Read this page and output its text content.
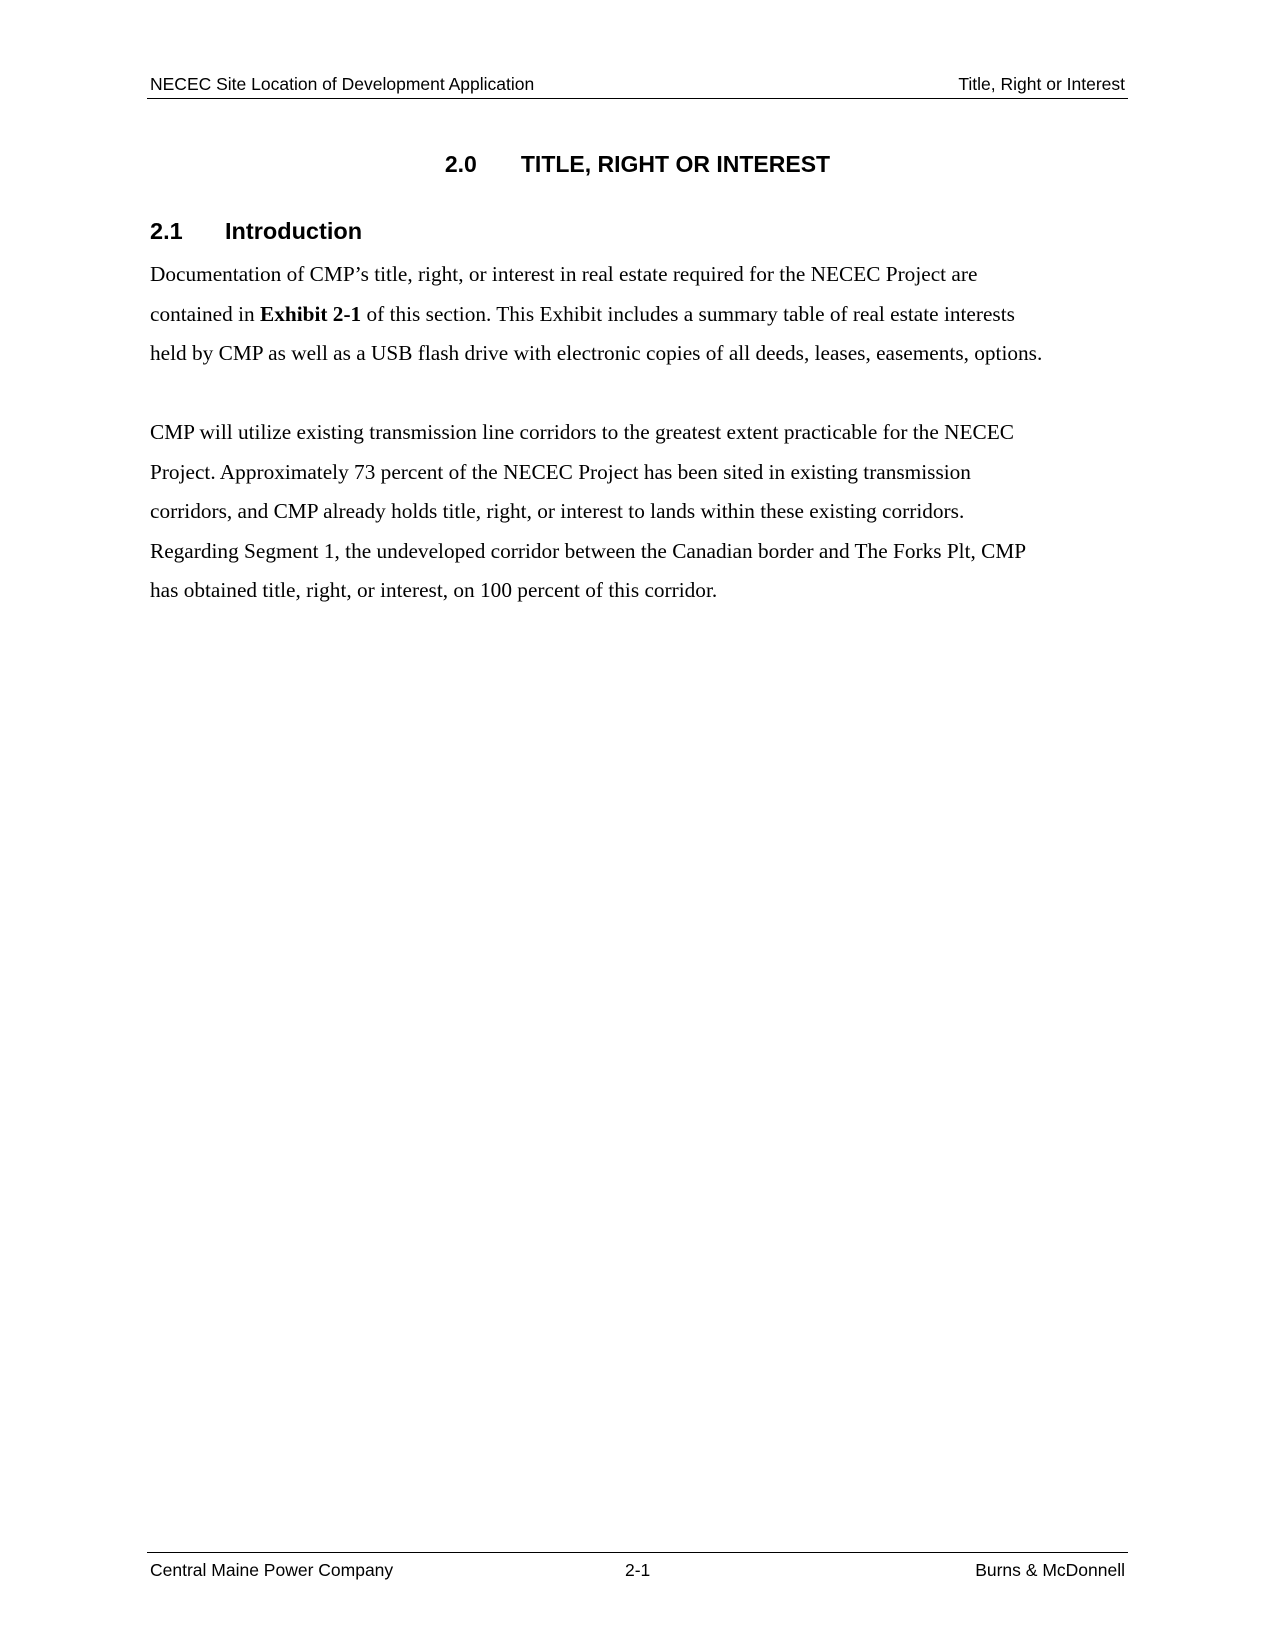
NECEC Site Location of Development Application	Title, Right or Interest
2.0 TITLE, RIGHT OR INTEREST
2.1 Introduction

Documentation of CMP’s title, right, or interest in real estate required for the NECEC Project are
contained in Exhibit 2-1 of this section. This Exhibit includes a summary table of real estate interests
held by CMP as well as a USB flash drive with electronic copies of all deeds, leases, easements, options.

CMP will utilize existing transmission line corridors to the greatest extent practicable for the NECEC
Project. Approximately 73 percent of the NECEC Project has been sited in existing transmission
corridors, and CMP already holds title, right, or interest to lands within these existing corridors.
Regarding Segment 1, the undeveloped corridor between the Canadian border and The Forks Plt, CMP
has obtained title, right, or interest, on 100 percent of this corridor.

Central Maine Power Company	2-1	Burns & McDonnell
